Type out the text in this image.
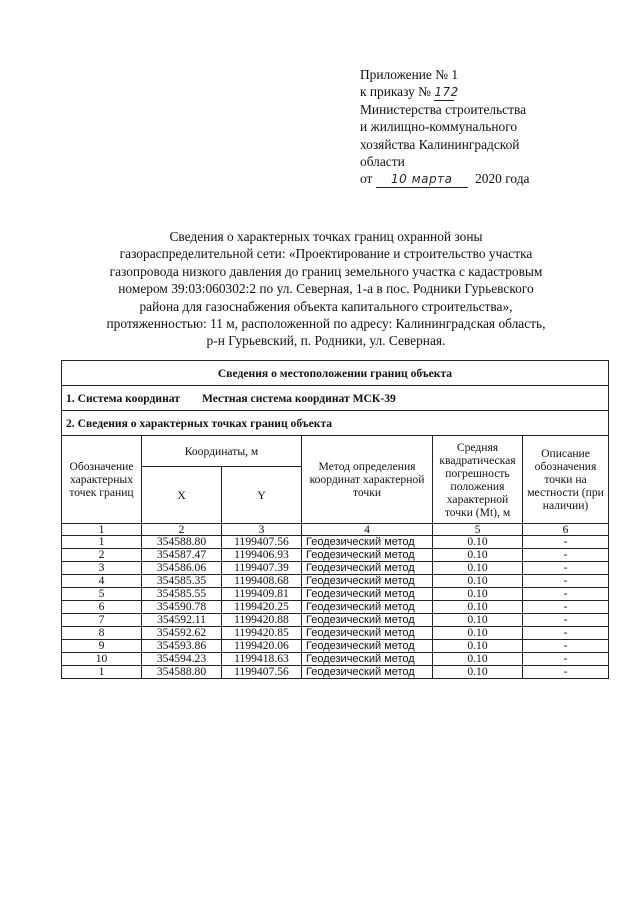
Приложение № 1
к приказу № 172
Министерства строительства
и жилищно-коммунального
хозяйства Калининградской
области
от 10 марта 2020 года
Сведения о характерных точках границ охранной зоны
газораспределительной сети: «Проектирование и строительство участка
газопровода низкого давления до границ земельного участка с кадастровым
номером 39:03:060302:2 по ул. Северная, 1-а в пос. Родники Гурьевского
района для газоснабжения объекта капитального строительства»,
протяженностью: 11 м, расположенной по адресу: Калининградская область,
р-н Гурьевский, п. Родники, ул. Северная.
Сведения о местоположении границ объекта					
1. Система координат Местная система координат МСК-39					
2. Сведения о характерных точках границ объекта					
Обозначение характерных точек границ	Координаты, м		Метод определения координат характерной точки	Средняя квадратическая погрешность положения характерной точки (Mt), м	Описание обозначения точки на местности (при наличии)
	X	Y			
1	2	3	4	5	6
1	354588.80	1199407.56	Геодезический метод	0.10	-
2	354587.47	1199406.93	Геодезический метод	0.10	-
3	354586.06	1199407.39	Геодезический метод	0.10	-
4	354585.35	1199408.68	Геодезический метод	0.10	-
5	354585.55	1199409.81	Геодезический метод	0.10	-
6	354590.78	1199420.25	Геодезический метод	0.10	-
7	354592.11	1199420.88	Геодезический метод	0.10	-
8	354592.62	1199420.85	Геодезический метод	0.10	-
9	354593.86	1199420.06	Геодезический метод	0.10	-
10	354594.23	1199418.63	Геодезический метод	0.10	-
1	354588.80	1199407.56	Геодезический метод	0.10	-
